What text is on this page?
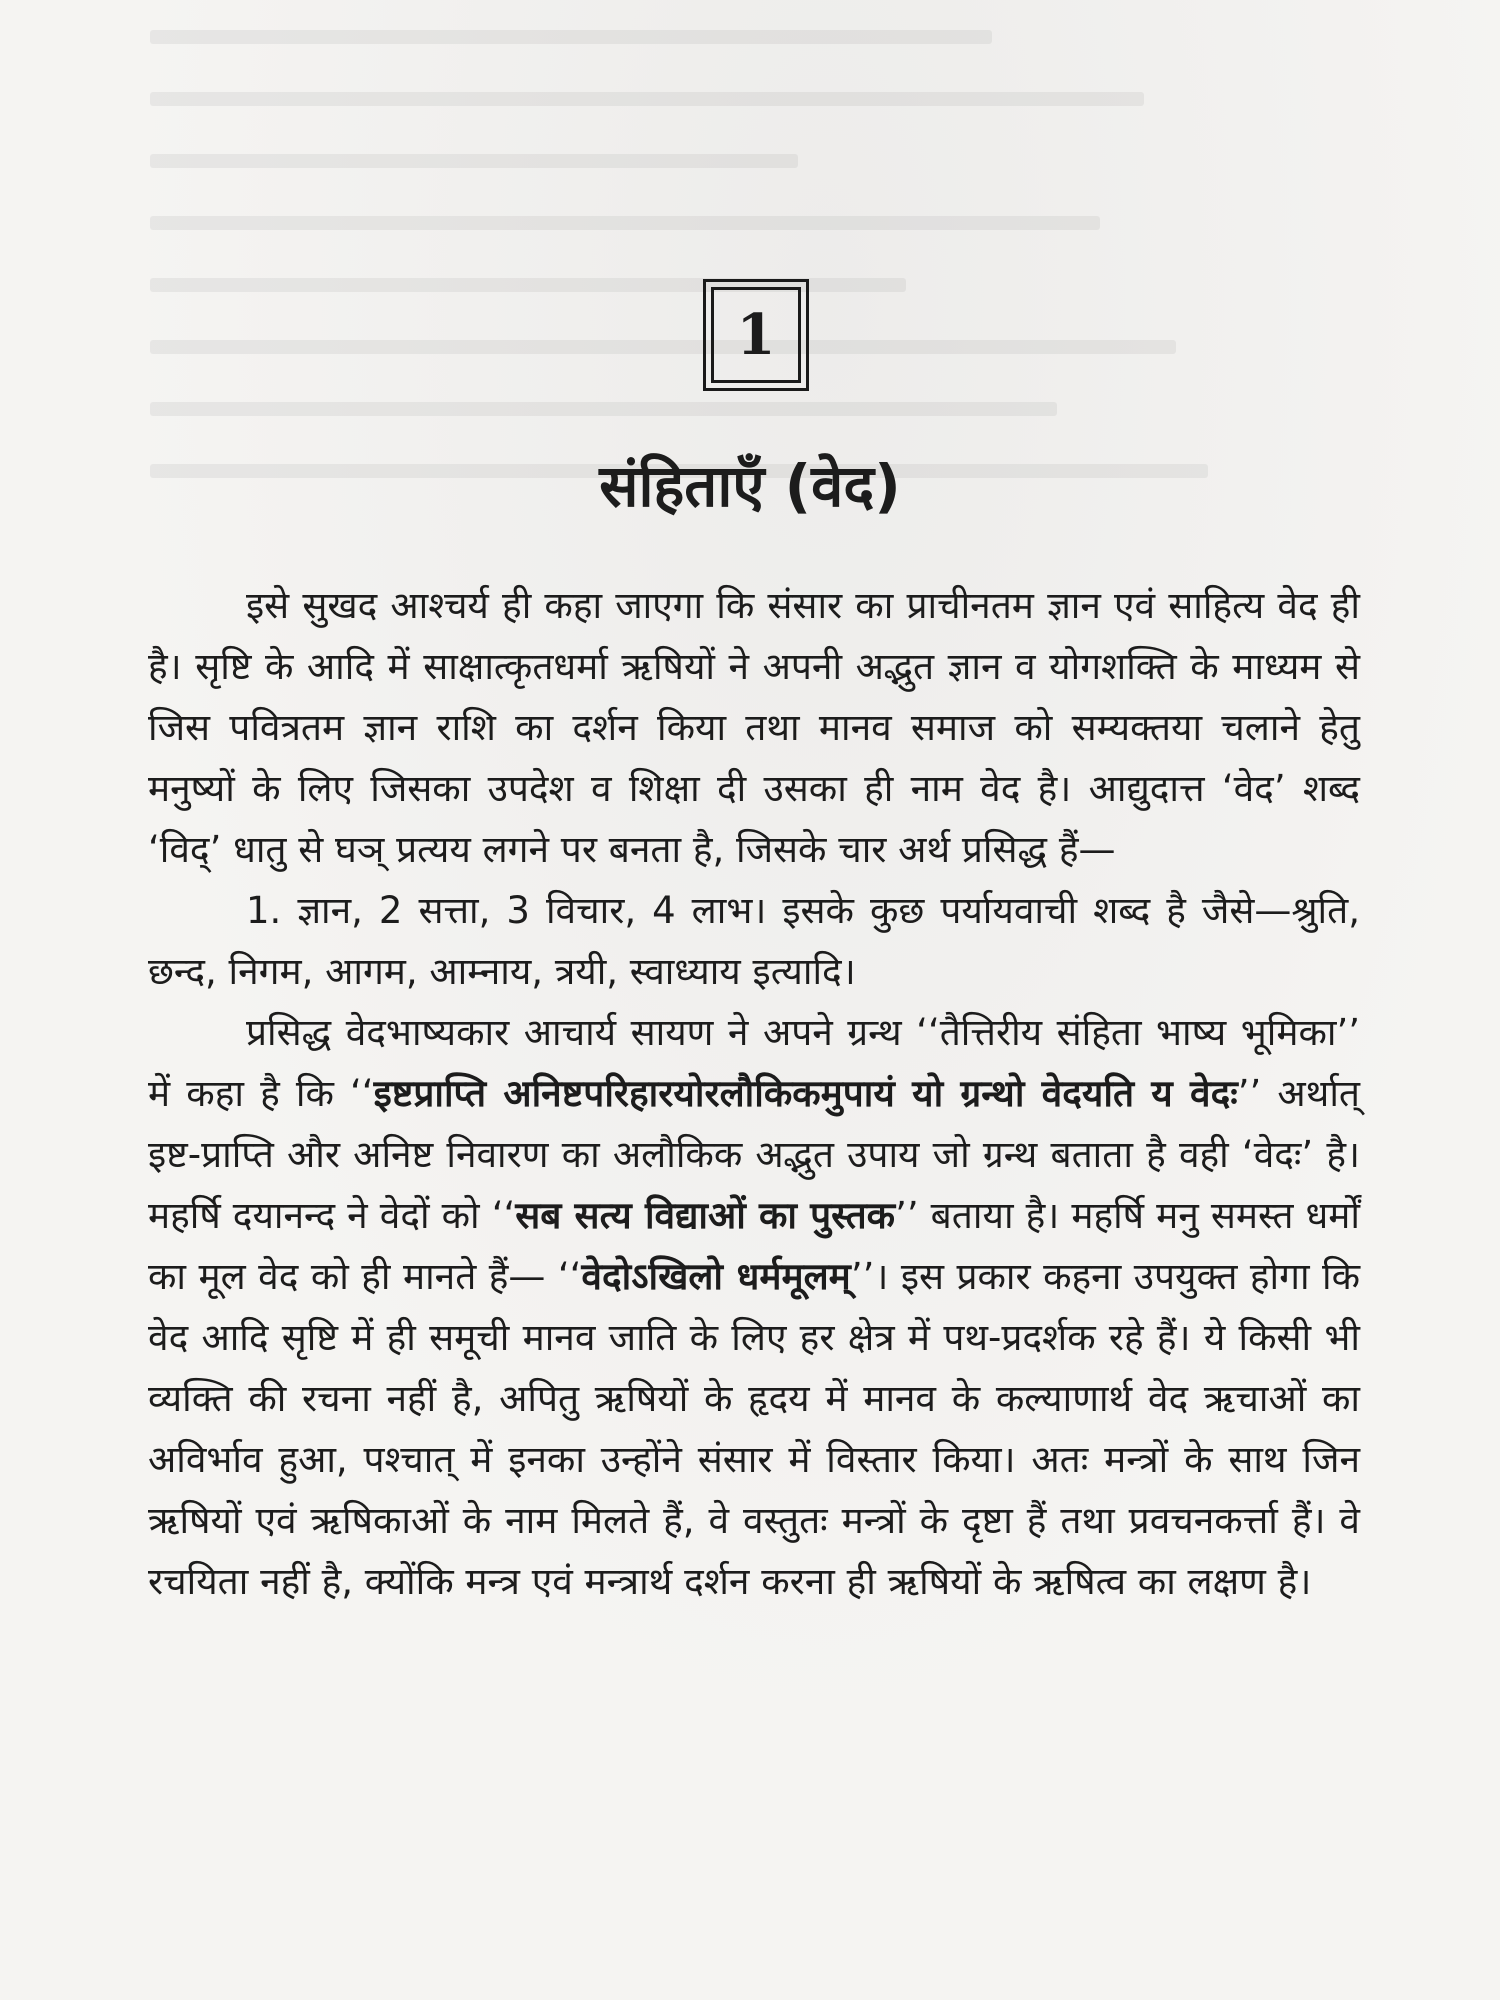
1
संहिताएँ (वेद)

इसे सुखद आश्चर्य ही कहा जाएगा कि संसार का प्राचीनतम ज्ञान एवं साहित्य वेद ही है। सृष्टि के आदि में साक्षात्कृतधर्मा ऋषियों ने अपनी अद्भुत ज्ञान व योगशक्ति के माध्यम से जिस पवित्रतम ज्ञान राशि का दर्शन किया तथा मानव समाज को सम्यक्तया चलाने हेतु मनुष्यों के लिए जिसका उपदेश व शिक्षा दी उसका ही नाम वेद है। आद्युदात्त ‘वेद’ शब्द ‘विद्’ धातु से घञ् प्रत्यय लगने पर बनता है, जिसके चार अर्थ प्रसिद्ध हैं—

1. ज्ञान, 2 सत्ता, 3 विचार, 4 लाभ। इसके कुछ पर्यायवाची शब्द है जैसे—श्रुति, छन्द, निगम, आगम, आम्नाय, त्रयी, स्वाध्याय इत्यादि।

प्रसिद्ध वेदभाष्यकार आचार्य सायण ने अपने ग्रन्थ ‘‘तैत्तिरीय संहिता भाष्य भूमिका’’ में कहा है कि ‘‘इष्टप्राप्ति अनिष्टपरिहारयोरलौकिकमुपायं यो ग्रन्थो वेदयति य वेदः’’ अर्थात् इष्ट-प्राप्ति और अनिष्ट निवारण का अलौकिक अद्भुत उपाय जो ग्रन्थ बताता है वही ‘वेदः’ है। महर्षि दयानन्द ने वेदों को ‘‘सब सत्य विद्याओं का पुस्तक’’ बताया है। महर्षि मनु समस्त धर्मों का मूल वेद को ही मानते हैं— ‘‘वेदोऽखिलो धर्ममूलम्’’। इस प्रकार कहना उपयुक्त होगा कि वेद आदि सृष्टि में ही समूची मानव जाति के लिए हर क्षेत्र में पथ-प्रदर्शक रहे हैं। ये किसी भी व्यक्ति की रचना नहीं है, अपितु ऋषियों के हृदय में मानव के कल्याणार्थ वेद ऋचाओं का अविर्भाव हुआ, पश्चात् में इनका उन्होंने संसार में विस्तार किया। अतः मन्त्रों के साथ जिन ऋषियों एवं ऋषिकाओं के नाम मिलते हैं, वे वस्तुतः मन्त्रों के दृष्टा हैं तथा प्रवचनकर्त्ता हैं। वे रचयिता नहीं है, क्योंकि मन्त्र एवं मन्त्रार्थ दर्शन करना ही ऋषियों के ऋषित्व का लक्षण है।
